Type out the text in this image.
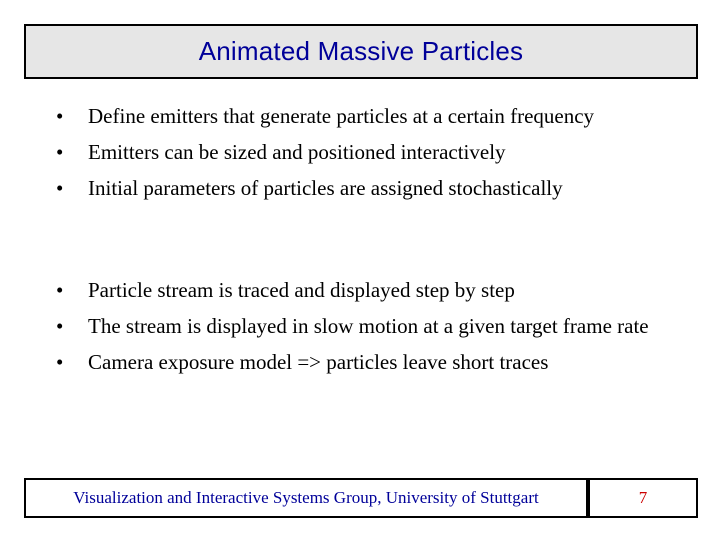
Animated Massive Particles
•	Define emitters that generate particles at a certain frequency
•	Emitters can be sized and positioned interactively
•	Initial parameters of particles are assigned stochastically
•	Particle stream is traced and displayed step by step
•	The stream is displayed in slow motion at a given target frame rate
•	Camera exposure model => particles leave short traces
Visualization and Interactive Systems Group, University of Stuttgart	7
